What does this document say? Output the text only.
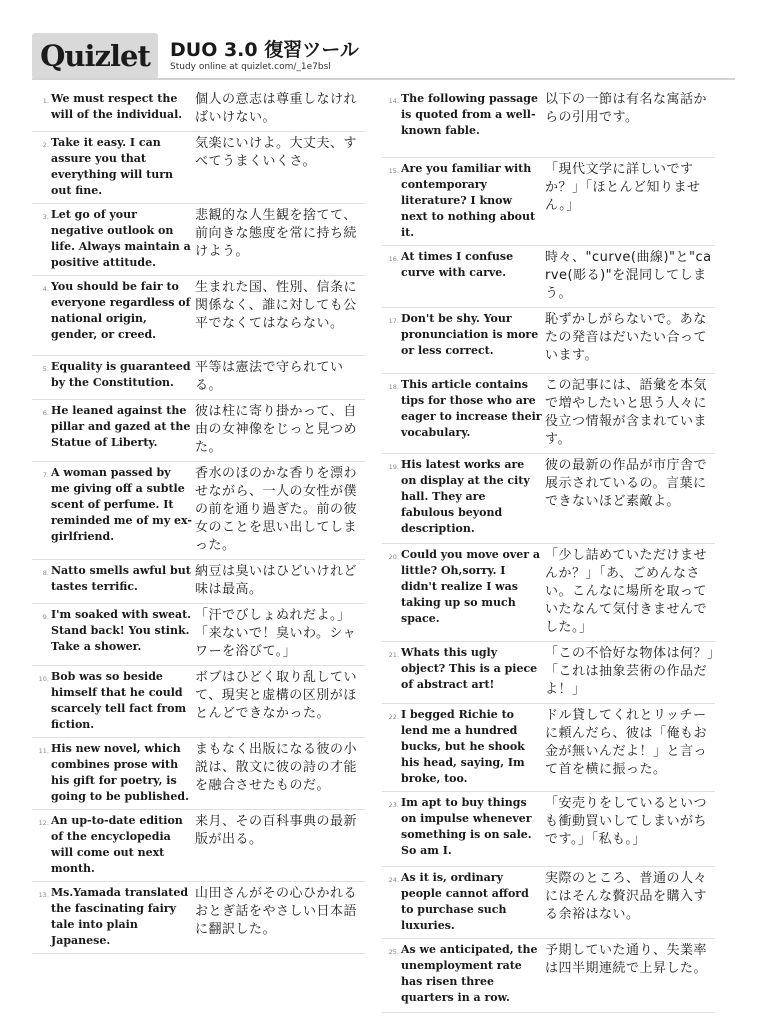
Quizlet	DUO 3.0 復習ツール
Study online at quizlet.com/_1e7bsl
1. We must respect the will of the individual.
個人の意志は尊重しなければいけない。
2. Take it easy. I can assure you that everything will turn out fine.
気楽にいけよ。大丈夫、すべてうまくいくさ。
3. Let go of your negative outlook on life. Always maintain a positive attitude.
悲観的な人生観を捨てて、前向きな態度を常に持ち続けよう。
4. You should be fair to everyone regardless of national origin, gender, or creed.
生まれた国、性別、信条に関係なく、誰に対しても公平でなくてはならない。
5. Equality is guaranteed by the Constitution.
平等は憲法で守られている。
6. He leaned against the pillar and gazed at the Statue of Liberty.
彼は柱に寄り掛かって、自由の女神像をじっと見つめた。
7. A woman passed by me giving off a subtle scent of perfume. It reminded me of my ex-girlfriend.
香水のほのかな香りを漂わせながら、一人の女性が僕の前を通り過ぎた。前の彼女のことを思い出してしまった。
8. Natto smells awful but tastes terrific.
納豆は臭いはひどいけれど味は最高。
9. I'm soaked with sweat. Stand back! You stink. Take a shower.
「汗でびしょぬれだよ。」「来ないで！臭いわ。シャワーを浴びて。」
10. Bob was so beside himself that he could scarcely tell fact from fiction.
ボブはひどく取り乱していて、現実と虚構の区別がほとんどできなかった。
11. His new novel, which combines prose with his gift for poetry, is going to be published.
まもなく出版になる彼の小説は、散文に彼の詩の才能を融合させたものだ。
12. An up-to-date edition of the encyclopedia will come out next month.
来月、その百科事典の最新版が出る。
13. Ms.Yamada translated the fascinating fairy tale into plain Japanese.
山田さんがその心ひかれるおとぎ話をやさしい日本語に翻訳した。
14. The following passage is quoted from a well-known fable.
以下の一節は有名な寓話からの引用です。
15. Are you familiar with contemporary literature? I know next to nothing about it.
「現代文学に詳しいですか？」「ほとんど知りません。」
16. At times I confuse curve with carve.
時々、"curve(曲線)"と"carve(彫る)"を混同してしまう。
17. Don't be shy. Your pronunciation is more or less correct.
恥ずかしがらないで。あなたの発音はだいたい合っています。
18. This article contains tips for those who are eager to increase their vocabulary.
この記事には、語彙を本気で増やしたいと思う人々に役立つ情報が含まれています。
19. His latest works are on display at the city hall. They are fabulous beyond description.
彼の最新の作品が市庁舎で展示されているの。言葉にできないほど素敵よ。
20. Could you move over a little? Oh,sorry. I didn't realize I was taking up so much space.
「少し詰めていただけませんか？」「あ、ごめんなさい。こんなに場所を取っていたなんて気付きませんでした。」
21. Whats this ugly object? This is a piece of abstract art!
「この不恰好な物体は何？」「これは抽象芸術の作品だよ！」
22. I begged Richie to lend me a hundred bucks, but he shook his head, saying, Im broke, too.
ドル貸してくれとリッチーに頼んだら、彼は「俺もお金が無いんだよ！」と言って首を横に振った。
23. Im apt to buy things on impulse whenever something is on sale. So am I.
「安売りをしているといつも衝動買いしてしまいがちです。」「私も。」
24. As it is, ordinary people cannot afford to purchase such luxuries.
実際のところ、普通の人々にはそんな贅沢品を購入する余裕はない。
25. As we anticipated, the unemployment rate has risen three quarters in a row.
予期していた通り、失業率は四半期連続で上昇した。
